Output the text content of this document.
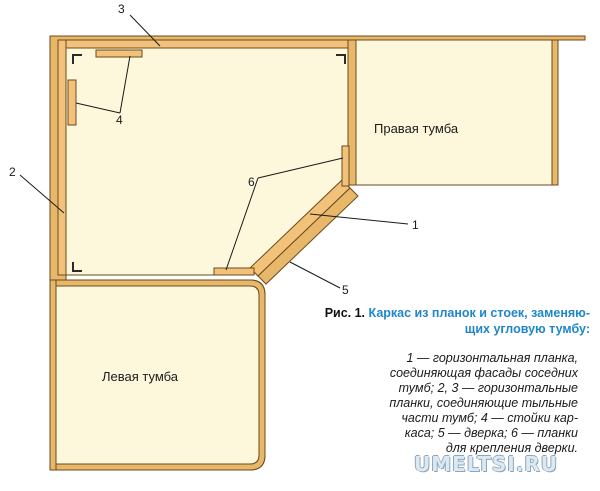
3
2
4
6
1
5
Правая тумба
Левая тумба
Рис. 1. Каркас из планок и стоек, заменяю-
щих угловую тумбу:
1 — горизонтальная планка,
соединяющая фасады соседних
тумб; 2, 3 — горизонтальные
планки, соединяющие тыльные
части тумб; 4 — стойки кар-
каса; 5 — дверка; 6 — планки
для крепления дверки.
UMELTSI.RU
